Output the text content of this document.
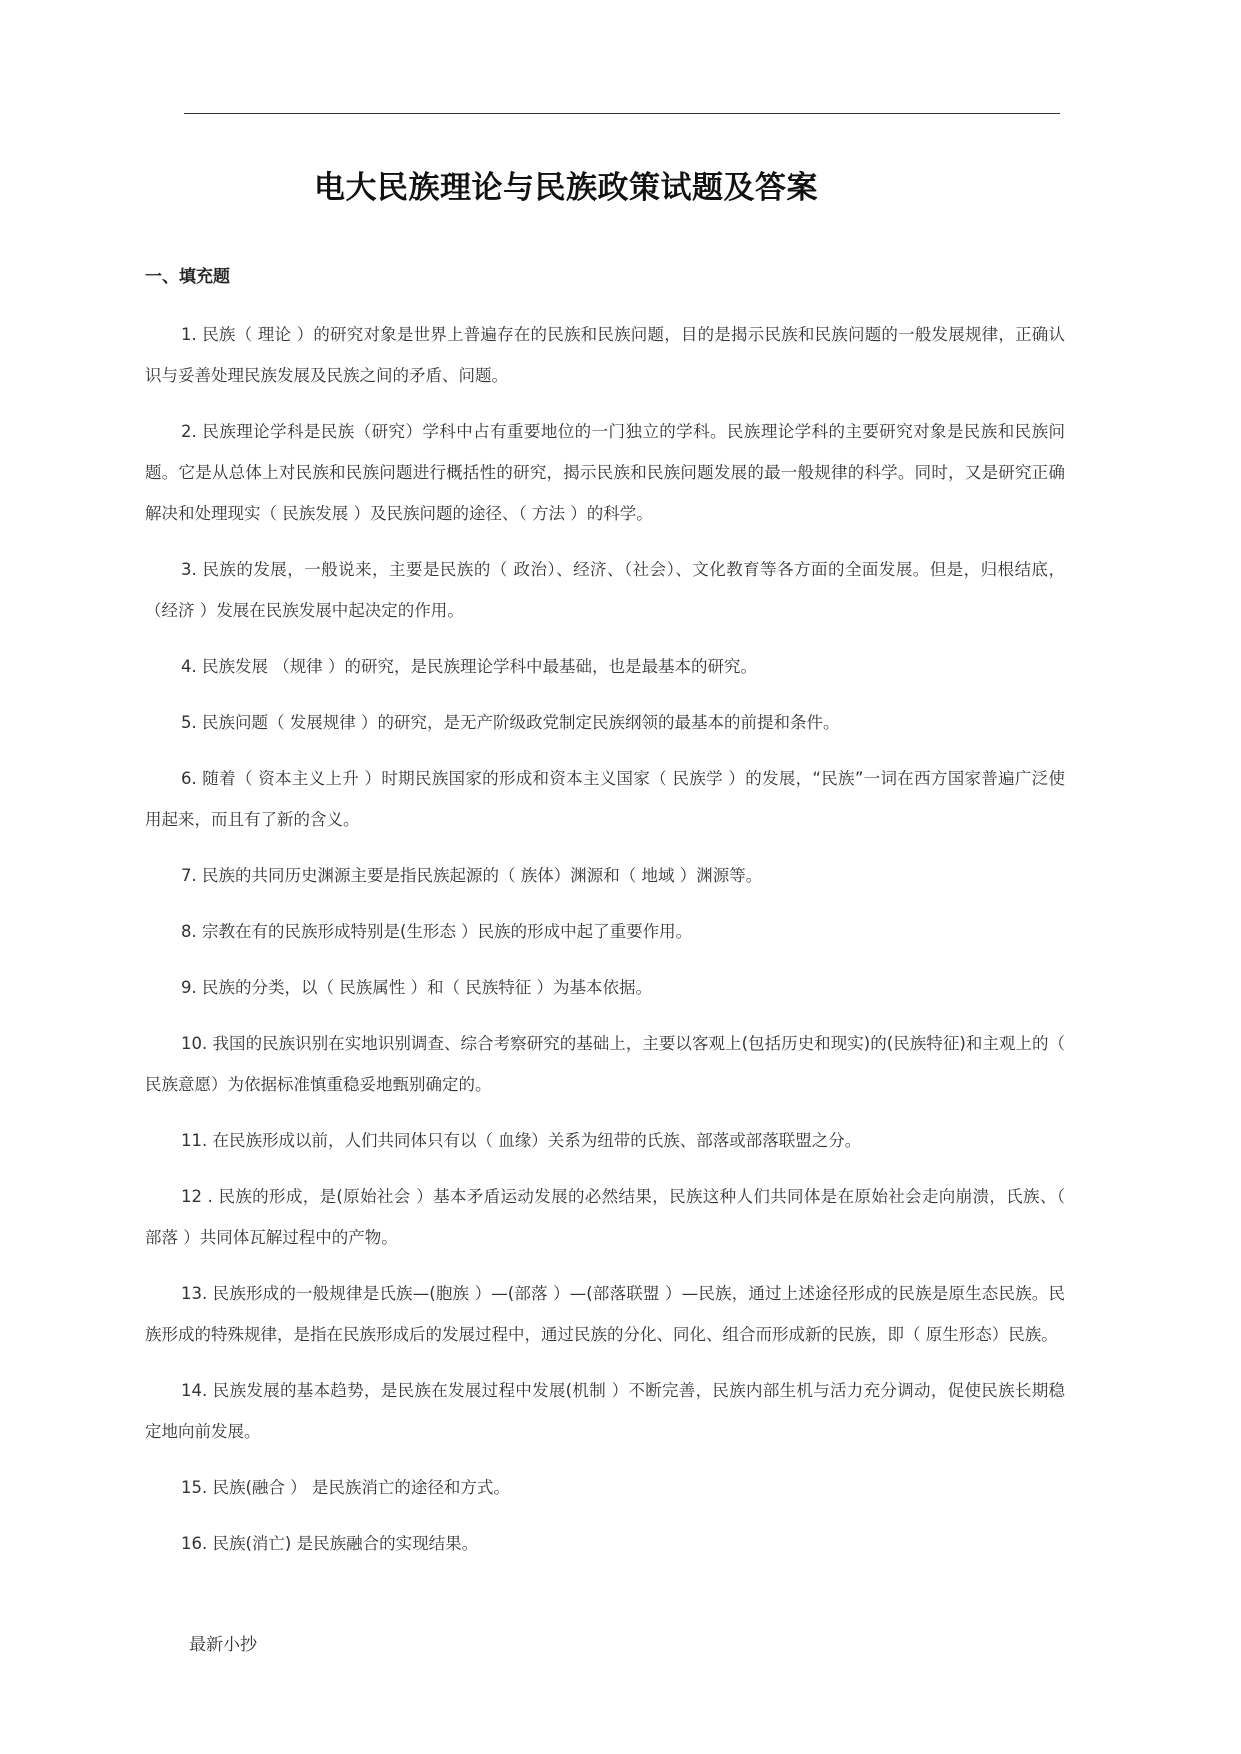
电大民族理论与民族政策试题及答案
一、填充题

1. 民族（ 理论 ）的研究对象是世界上普遍存在的民族和民族问题，目的是揭示民族和民族问题的一般发展规律，正确认识与妥善处理民族发展及民族之间的矛盾、问题。

2. 民族理论学科是民族（研究）学科中占有重要地位的一门独立的学科。民族理论学科的主要研究对象是民族和民族问题。它是从总体上对民族和民族问题进行概括性的研究，揭示民族和民族问题发展的最一般规律的科学。同时，又是研究正确解决和处理现实（ 民族发展 ）及民族问题的途径、（ 方法 ）的科学。

3. 民族的发展，一般说来，主要是民族的（ 政治）、经济、（社会）、文化教育等各方面的全面发展。但是，归根结底，（经济 ）发展在民族发展中起决定的作用。

4. 民族发展 （规律 ）的研究，是民族理论学科中最基础，也是最基本的研究。

5. 民族问题（ 发展规律 ）的研究，是无产阶级政党制定民族纲领的最基本的前提和条件。

6. 随着（ 资本主义上升 ）时期民族国家的形成和资本主义国家（ 民族学 ）的发展，“民族”一词在西方国家普遍广泛使用起来，而且有了新的含义。

7. 民族的共同历史渊源主要是指民族起源的（ 族体）渊源和（ 地域 ）渊源等。

8. 宗教在有的民族形成特别是(生形态 ）民族的形成中起了重要作用。

9. 民族的分类，以（ 民族属性 ）和（ 民族特征 ）为基本依据。

10. 我国的民族识别在实地识别调查、综合考察研究的基础上，主要以客观上(包括历史和现实)的(民族特征)和主观上的（ 民族意愿）为依据标准慎重稳妥地甄别确定的。

11. 在民族形成以前，人们共同体只有以（ 血缘）关系为纽带的氏族、部落或部落联盟之分。

12 . 民族的形成，是(原始社会 ）基本矛盾运动发展的必然结果，民族这种人们共同体是在原始社会走向崩溃，氏族、（ 部落 ）共同体瓦解过程中的产物。

13. 民族形成的一般规律是氏族—(胞族 ）—(部落 ）—(部落联盟 ）—民族，通过上述途径形成的民族是原生态民族。民族形成的特殊规律，是指在民族形成后的发展过程中，通过民族的分化、同化、组合而形成新的民族，即（ 原生形态）民族。

14. 民族发展的基本趋势，是民族在发展过程中发展(机制 ）不断完善，民族内部生机与活力充分调动，促使民族长期稳定地向前发展。

15. 民族(融合 ） 是民族消亡的途径和方式。

16. 民族(消亡) 是民族融合的实现结果。

最新小抄
